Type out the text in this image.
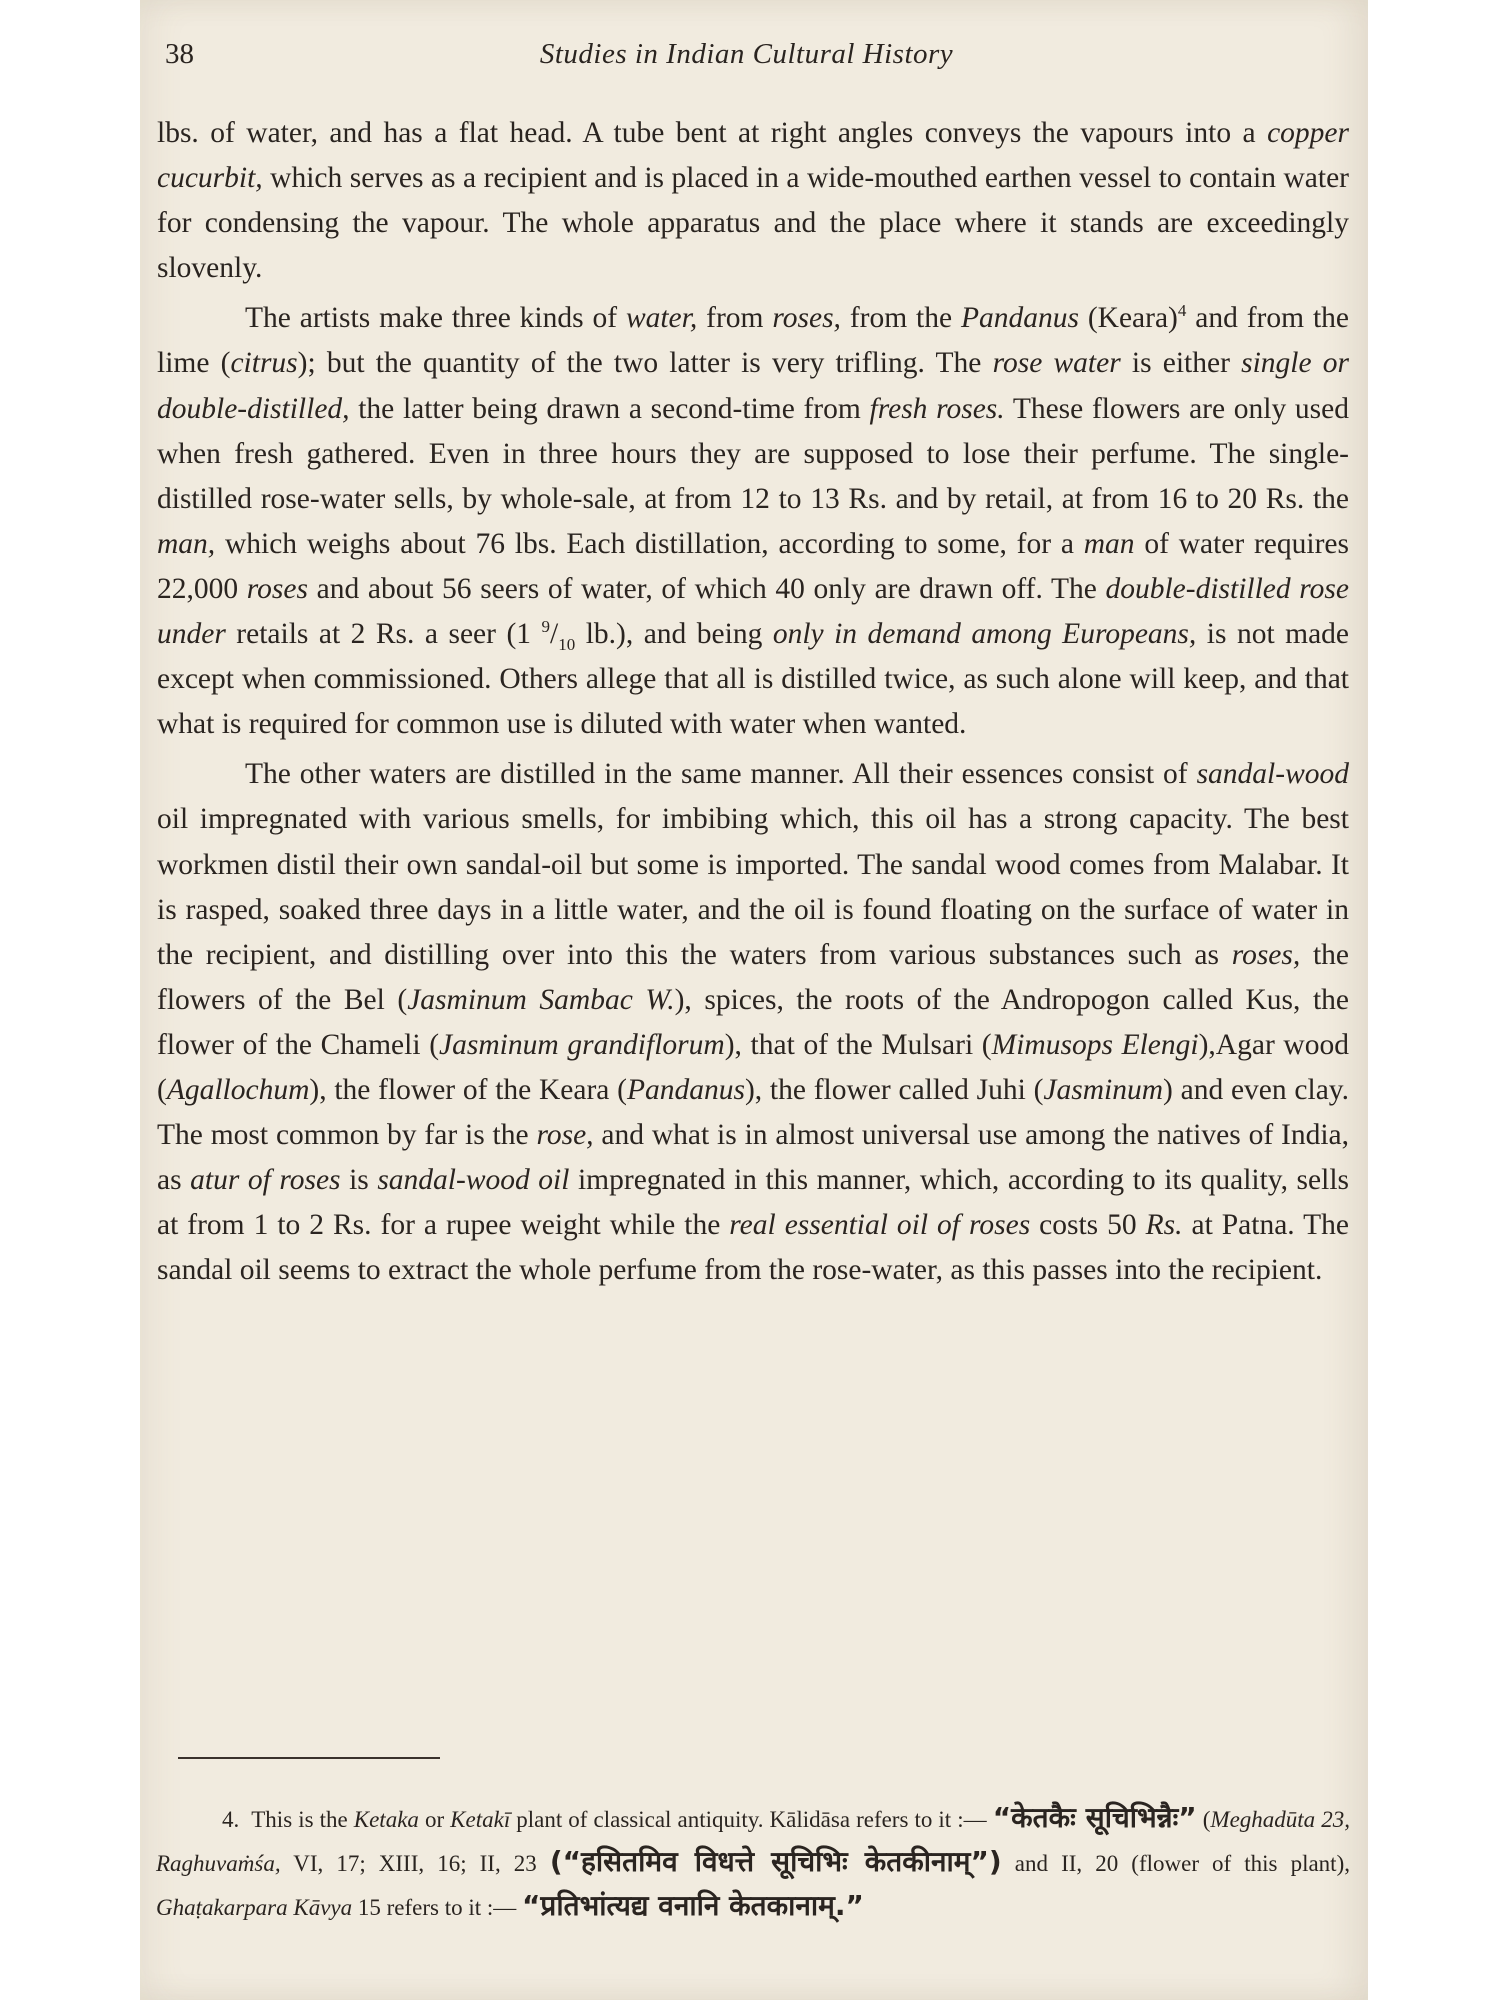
38	Studies in Indian Cultural History

lbs. of water, and has a flat head. A tube bent at right angles conveys the vapours into a copper cucurbit, which serves as a recipient and is placed in a wide-mouthed earthen vessel to contain water for condensing the vapour. The whole apparatus and the place where it stands are exceedingly slovenly.

The artists make three kinds of water, from roses, from the Pandanus (Keara)$^4$ and from the lime (citrus); but the quantity of the two latter is very trifling. The rose water is either single or double-distilled, the latter being drawn a second-time from fresh roses. These flowers are only used when fresh gathered. Even in three hours they are supposed to lose their perfume. The single-distilled rose-water sells, by whole-sale, at from 12 to 13 Rs. and by retail, at from 16 to 20 Rs. the man, which weighs about 76 lbs. Each distillation, according to some, for a man of water requires 22,000 roses and about 56 seers of water, of which 40 only are drawn off. The double-distilled rose under retails at 2 Rs. a seer (1 $^9/_{10}$ lb.), and being only in demand among Europeans, is not made except when commissioned. Others allege that all is distilled twice, as such alone will keep, and that what is required for common use is diluted with water when wanted.

The other waters are distilled in the same manner. All their essences consist of sandal-wood oil impregnated with various smells, for imbibing which, this oil has a strong capacity. The best workmen distil their own sandal-oil but some is imported. The sandal wood comes from Malabar. It is rasped, soaked three days in a little water, and the oil is found floating on the surface of water in the recipient, and distilling over into this the waters from various substances such as roses, the flowers of the Bel (Jasminum Sambac W.), spices, the roots of the Andropogon called Kus, the flower of the Chameli (Jasminum grandiflorum), that of the Mulsari (Mimusops Elengi),Agar wood (Agallochum), the flower of the Keara (Pandanus), the flower called Juhi (Jasminum) and even clay. The most common by far is the rose, and what is in almost universal use among the natives of India, as atur of roses is sandal-wood oil impregnated in this manner, which, according to its quality, sells at from 1 to 2 Rs. for a rupee weight while the real essential oil of roses costs 50 Rs. at Patna. The sandal oil seems to extract the whole perfume from the rose-water, as this passes into the recipient.

4. This is the Ketaka or Ketakī plant of classical antiquity. Kālidāsa refers to it :— “केतकैः सूचिभिन्नैः” (Meghadūta 23, Raghuvaṁśa, VI, 17; XIII, 16; II, 23 (“हसितमिव विधत्ते सूचिभिः केतकीनाम्”) and II, 20 (flower of this plant), Ghaṭakarpara Kāvya 15 refers to it :— “प्रतिभांत्यद्य वनानि केतकानाम्.”
